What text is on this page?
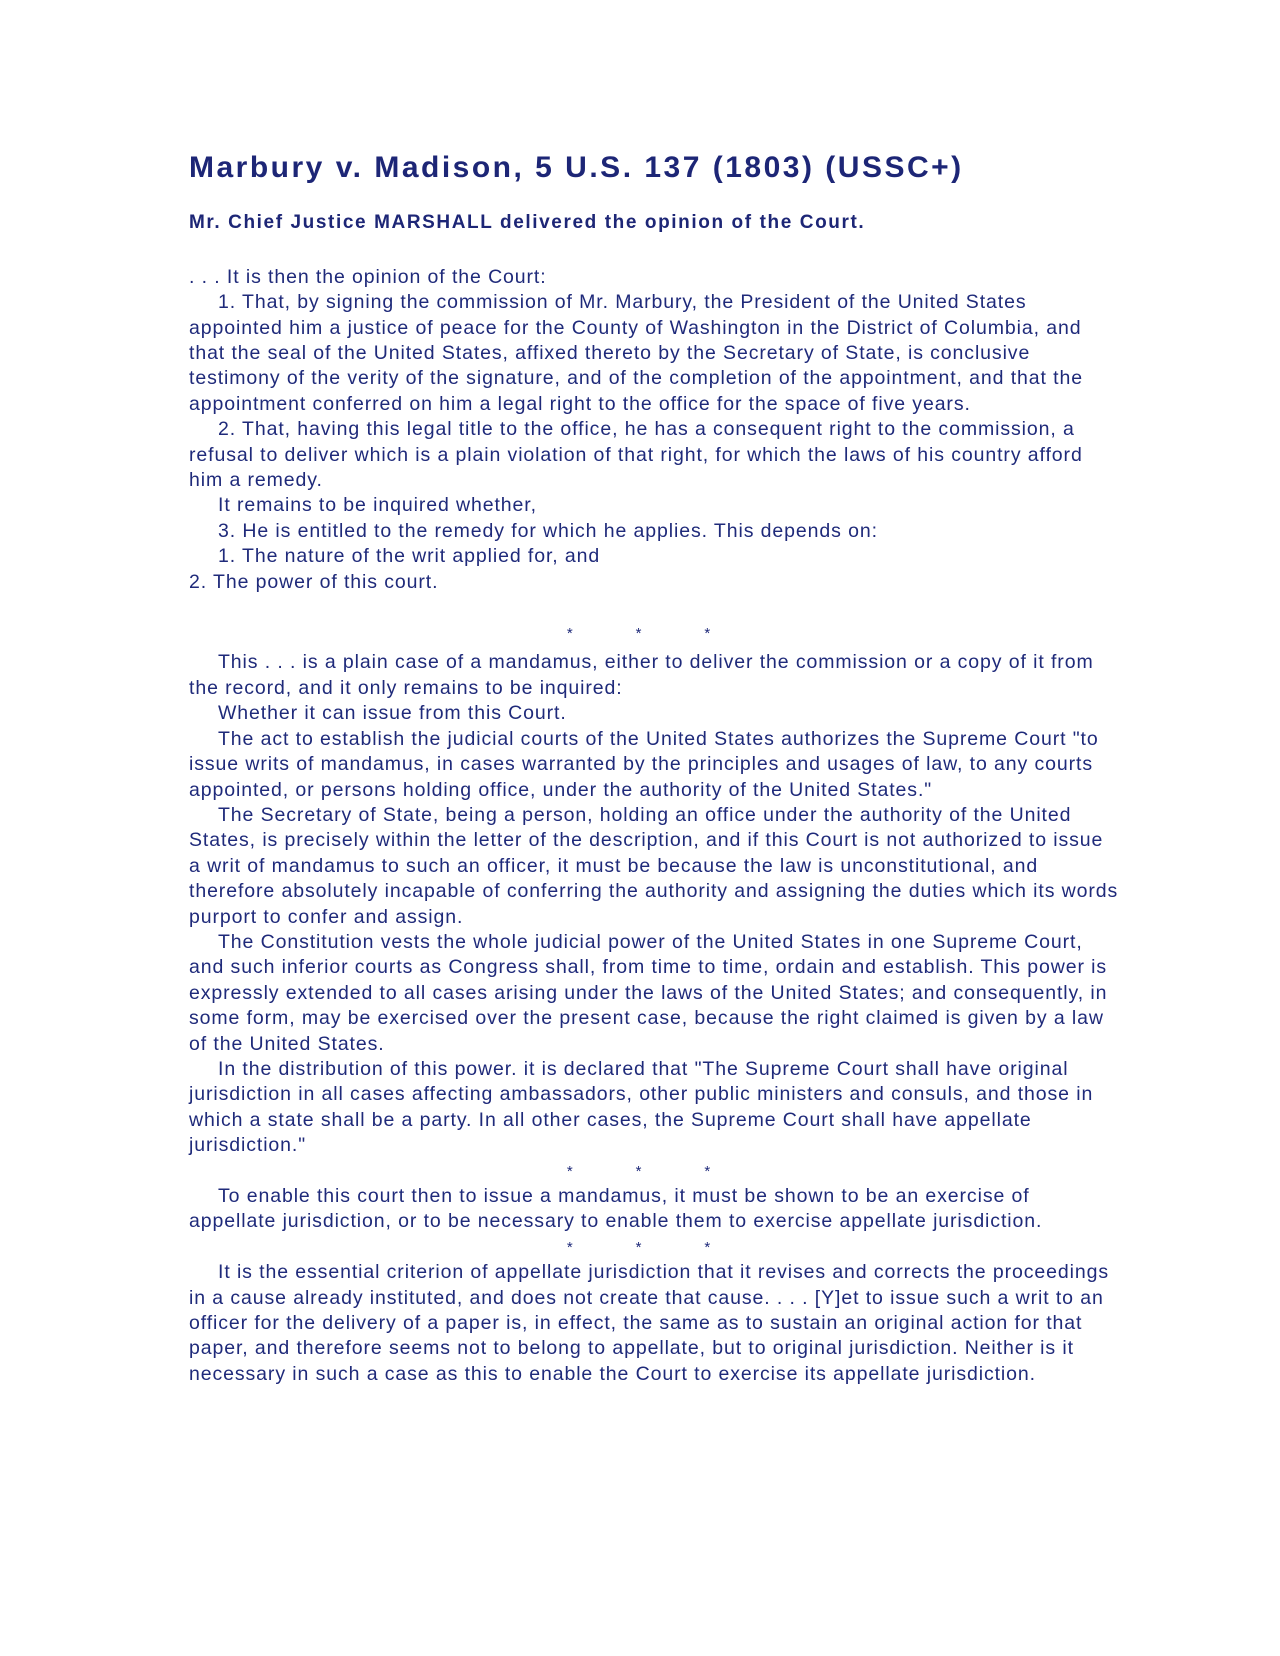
Marbury v. Madison, 5 U.S. 137 (1803) (USSC+)
Mr. Chief Justice MARSHALL delivered the opinion of the Court.

. . . It is then the opinion of the Court:

1. That, by signing the commission of Mr. Marbury, the President of the United States appointed him a justice of peace for the County of Washington in the District of Columbia, and that the seal of the United States, affixed thereto by the Secretary of State, is conclusive testimony of the verity of the signature, and of the completion of the appointment, and that the appointment conferred on him a legal right to the office for the space of five years.

2. That, having this legal title to the office, he has a consequent right to the commission, a refusal to deliver which is a plain violation of that right, for which the laws of his country afford him a remedy.

It remains to be inquired whether,

3. He is entitled to the remedy for which he applies. This depends on:

1. The nature of the writ applied for, and

2. The power of this court.

*	*	*

This . . . is a plain case of a mandamus, either to deliver the commission or a copy of it from the record, and it only remains to be inquired:

Whether it can issue from this Court.

The act to establish the judicial courts of the United States authorizes the Supreme Court "to issue writs of mandamus, in cases warranted by the principles and usages of law, to any courts appointed, or persons holding office, under the authority of the United States."

The Secretary of State, being a person, holding an office under the authority of the United States, is precisely within the letter of the description, and if this Court is not authorized to issue a writ of mandamus to such an officer, it must be because the law is unconstitutional, and therefore absolutely incapable of conferring the authority and assigning the duties which its words purport to confer and assign.

The Constitution vests the whole judicial power of the United States in one Supreme Court, and such inferior courts as Congress shall, from time to time, ordain and establish. This power is expressly extended to all cases arising under the laws of the United States; and consequently, in some form, may be exercised over the present case, because the right claimed is given by a law of the United States.

In the distribution of this power. it is declared that "The Supreme Court shall have original jurisdiction in all cases affecting ambassadors, other public ministers and consuls, and those in which a state shall be a party. In all other cases, the Supreme Court shall have appellate jurisdiction."

*	*	*

To enable this court then to issue a mandamus, it must be shown to be an exercise of appellate jurisdiction, or to be necessary to enable them to exercise appellate jurisdiction.

*	*	*

It is the essential criterion of appellate jurisdiction that it revises and corrects the proceedings in a cause already instituted, and does not create that cause. . . . [Y]et to issue such a writ to an officer for the delivery of a paper is, in effect, the same as to sustain an original action for that paper, and therefore seems not to belong to appellate, but to original jurisdiction. Neither is it necessary in such a case as this to enable the Court to exercise its appellate jurisdiction.
